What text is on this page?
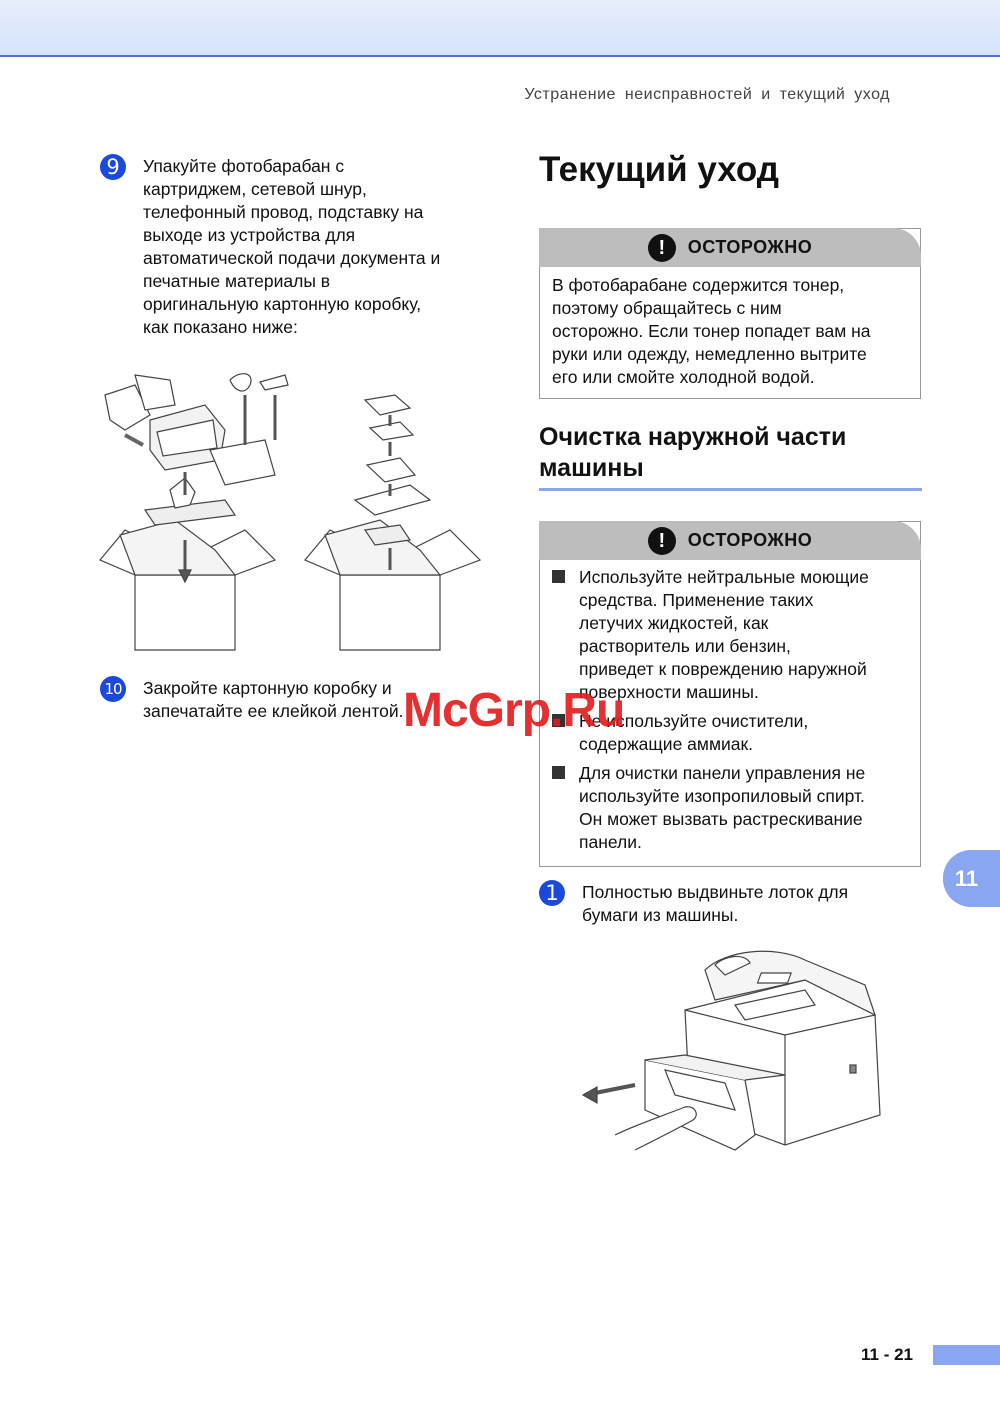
Устранение неисправностей и текущий уход
9	Упакуйте фотобарабан с
картриджем, сетевой шнур,
телефонный провод, подставку на
выходе из устройства для
автоматической подачи документа и
печатные материалы в
оригинальную картонную коробку,
как показано ниже:
10 Закройте картонную коробку и
запечатайте ее клейкой лентой.
Текущий уход
!	ОСТОРОЖНО
В фотобарабане содержится тонер,
поэтому обращайтесь с ним
осторожно. Если тонер попадет вам на
руки или одежду, немедленно вытрите
его или смойте холодной водой.
Очистка наружной части
машины
!	ОСТОРОЖНО
Используйте нейтральные моющие
средства. Применение таких
летучих жидкостей, как
растворитель или бензин,
приведет к повреждению наружной
поверхности машины.
Не используйте очистители,
содержащие аммиак.
Для очистки панели управления не
используйте изопропиловый спирт.
Он может вызвать растрескивание
панели.
1	Полностью выдвиньте лоток для
бумаги из машины.
11
11 - 21
McGrp.Ru
